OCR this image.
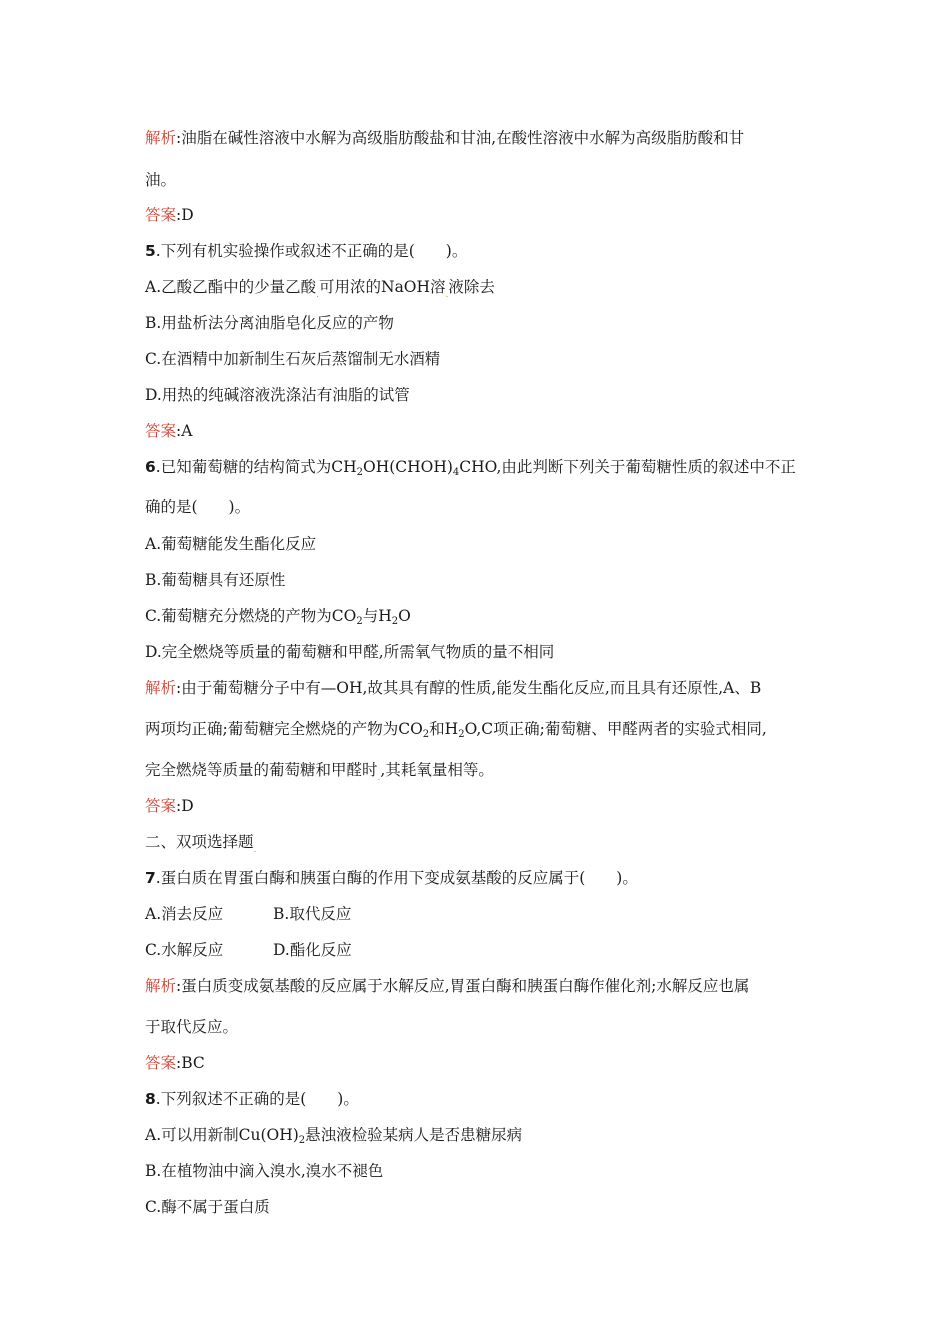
解析:油脂在碱性溶液中水解为高级脂肪酸盐和甘油,在酸性溶液中水解为高级脂肪酸和甘
油。
答案:D
5.下列有机实验操作或叙述不正确的是(　　)。
A.乙酸乙酯中的少量乙酸$_.$可用浓的NaOH溶$_.$液除去
B.用盐析法分离油脂皂化反应的产物
C.在酒精中加新制生石灰后蒸馏制无水酒精
D.用热的纯碱溶液洗涤沾有油脂的试管
答案:A
6.已知葡萄糖的结构简式为$CH_2OH(CHOH)_4CHO$,由此判断下列关于葡萄糖性质的叙述中不正
确的是(　　)。
A.葡萄糖能发生酯化反应
B.葡萄糖具有还原性
C.葡萄糖充分燃烧的产物为$CO_2$与$H_2O$
D.完全燃烧等质量的葡萄糖和甲醛,所需氧气物质的量不相同
解析:由于葡萄糖分子中有—OH,故其具有醇的性质,能发生酯化反应,而且具有还原性,A、B
两项均正确;葡萄糖完全燃烧的产物为$CO_2$和$H_2O,C$项正确;葡萄糖、甲醛两者的实验式相同,
完全燃烧等质量的葡萄糖和甲醛时$_.$,其耗氧量相等。
答案:D
二、双项选择题$_.$
7.蛋白质在胃蛋白酶和胰蛋白酶的作用下变成氨基酸的反应属于(　　)。
A.消去反应	B.取代反应
C.水解反应	D.酯化反应
解析:蛋白质变成氨基酸的反应属于水解反应,胃蛋白酶和胰蛋白酶作催化剂;水解反应也属
于取代反应。
答案:BC
8.下列叙述不正确的是(　　)。
A.可以用新制$Cu(OH)_2$悬浊液检验某病人是否患糖尿病
B.在植物油中滴入溴水,溴水不褪色
C.酶不属于蛋白质
